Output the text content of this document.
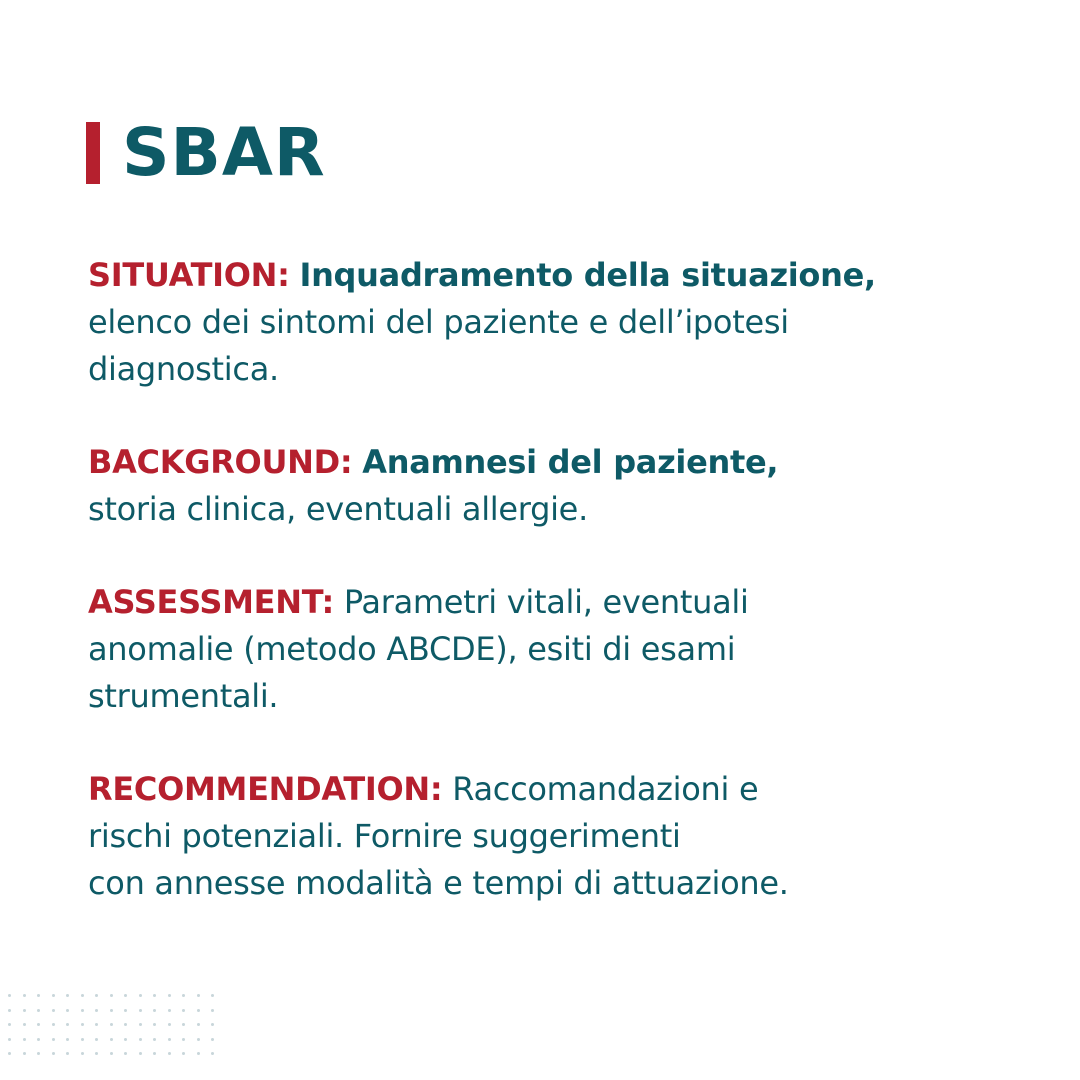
SBAR

SITUATION: Inquadramento della situazione,
elenco dei sintomi del paziente e dell’ipotesi
diagnostica.

BACKGROUND: Anamnesi del paziente,
storia clinica, eventuali allergie.

ASSESSMENT: Parametri vitali, eventuali
anomalie (metodo ABCDE), esiti di esami
strumentali.

RECOMMENDATION: Raccomandazioni e
rischi potenziali. Fornire suggerimenti
con annesse modalità e tempi di attuazione.
